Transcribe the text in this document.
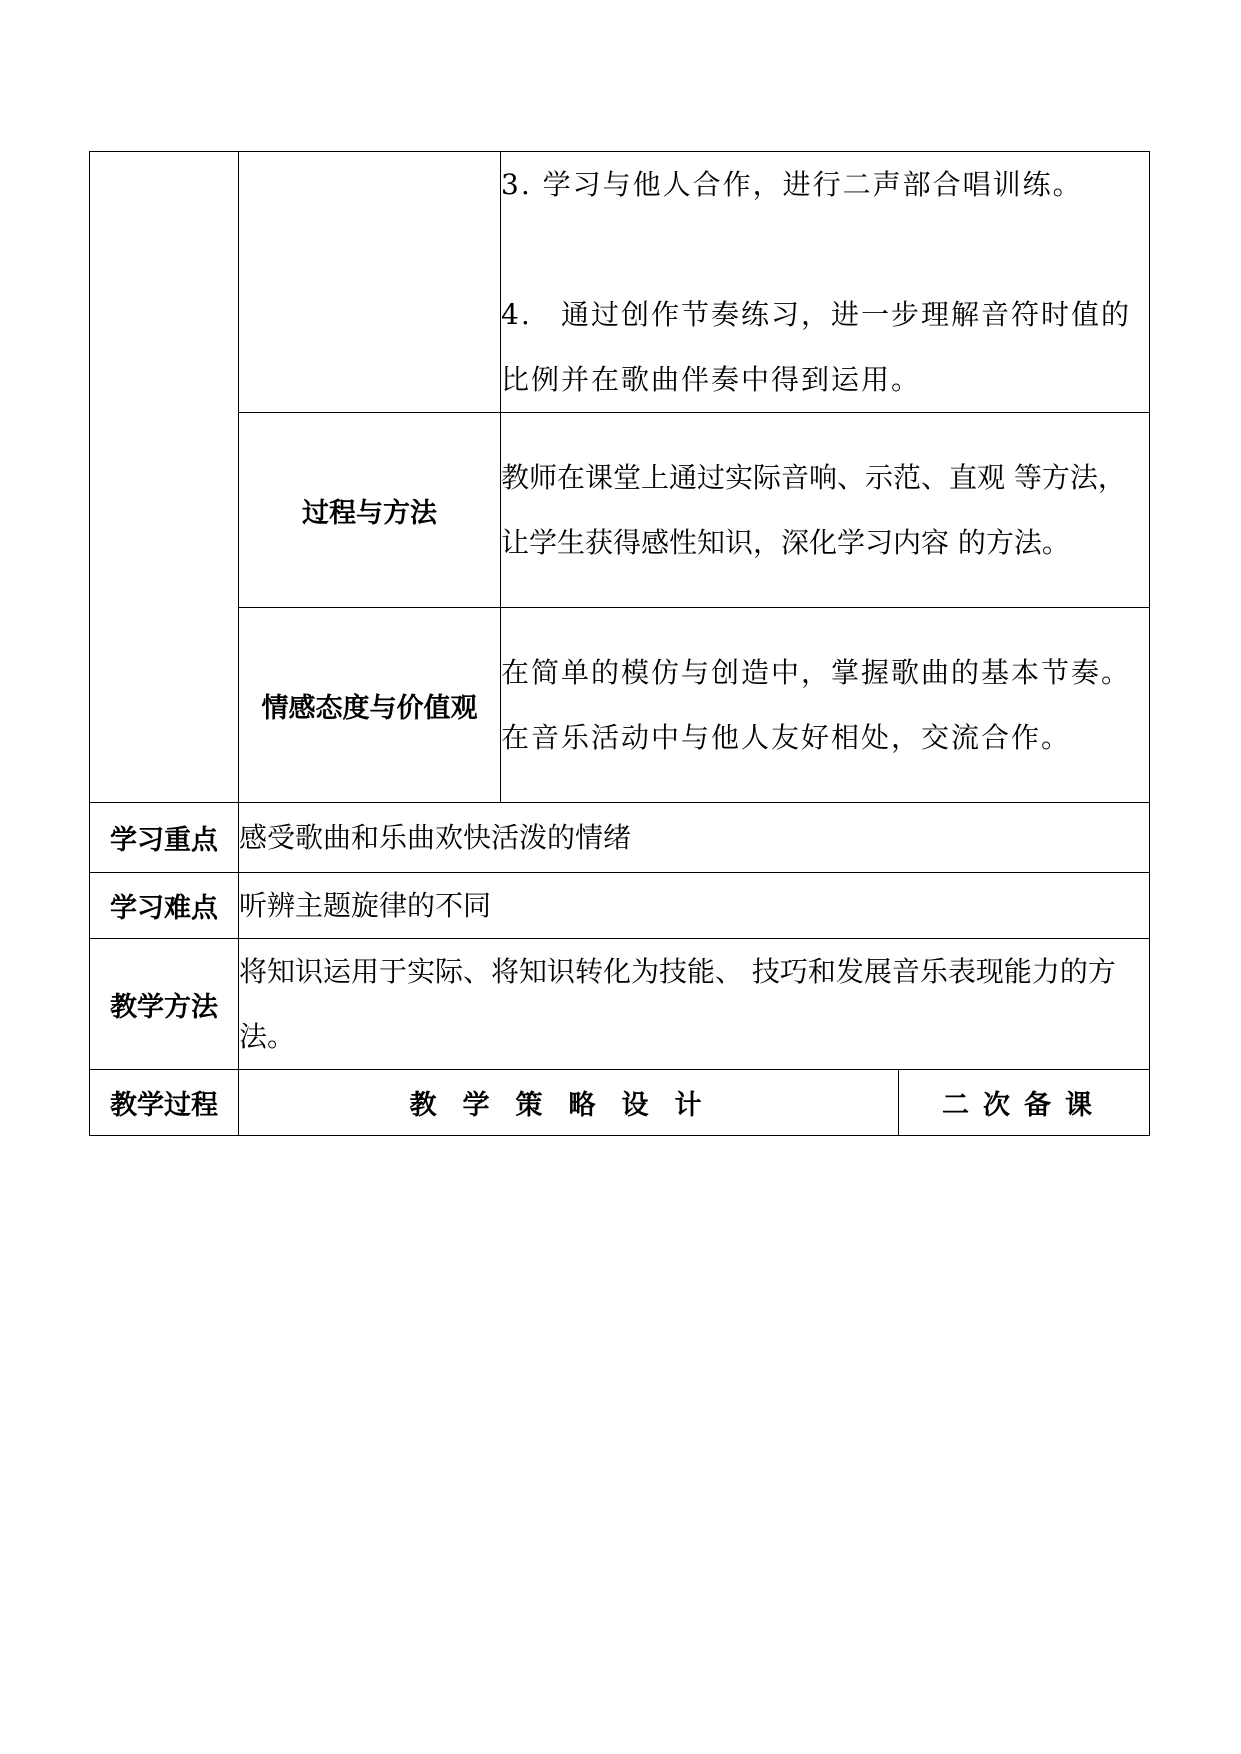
		3. 学习与他人合作，进行二声部合唱训练。
4. 通过创作节奏练习，进一步理解音符时值的比例并在歌曲伴奏中得到运用。	

	过程与方法	教师在课堂上通过实际音响、示范、直观 等方法，让学生获得感性知识，深化学习内容 的方法。	
	情感态度与价值观	在简单的模仿与创造中，掌握歌曲的基本节奏。在音乐活动中与他人友好相处，交流合作。	
学习重点	感受歌曲和乐曲欢快活泼的情绪		
学习难点	听辨主题旋律的不同		
教学方法	将知识运用于实际、将知识转化为技能、 技巧和发展音乐表现能力的方法。		
教学过程	教学策略设计		二次备课
